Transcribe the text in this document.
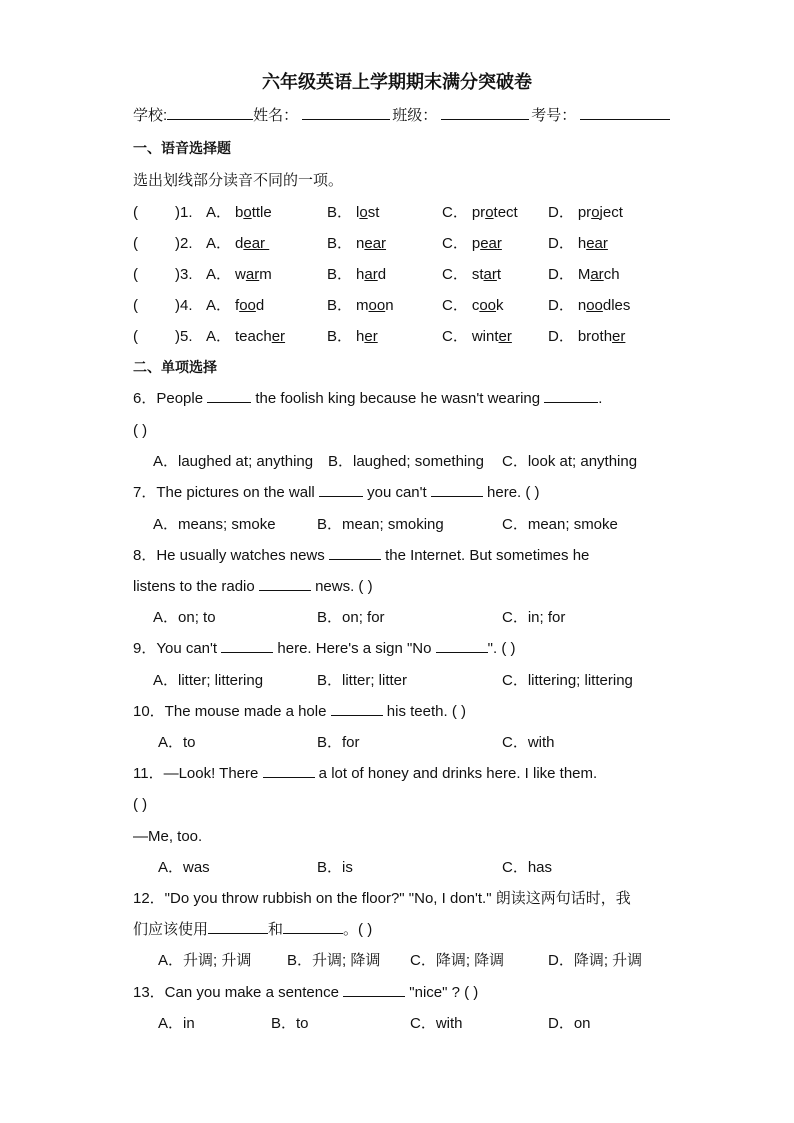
六年级英语上学期期末满分突破卷
学校:	姓名：	班级：	考号：
一、语音选择题
选出划线部分读音不同的一项。
( )1. A． bottle	B． lost	C． protect D． project
( )2. A． dear	B． near	C． pear	D． hear
( )3. A． warm	B． hard	C． start	D． March
( )4. A． food	B． moon	C． cook	D． noodles
( )5. A． teacher	B． her	C． winter D． brother
二、单项选择
6．People	the foolish king because he wasn't wearing	.
( )
A．laughed at; anything B．laughed; something C．look at; anything
7．The pictures on the wall	you can't	here. ( )
A．means; smoke	B．mean; smoking	C．mean; smoke
8．He usually watches news	the Internet. But sometimes he
listens to the radio	news. ( )
A．on; to	B．on; for	C．in; for
9．You can't	here. Here's a sign "No	". ( )
A．litter; littering	B．litter; litter	C．littering; littering
10．The mouse made a hole	his teeth. ( )
A．to	B．for	C．with
11．—Look! There	a lot of honey and drinks here. I like them.
( )
—Me, too.
A．was	B．is	C．has
12．"Do you throw rubbish on the floor?" "No, I don't." 朗读这两句话时，我
们应该使用	和	。( )
A．升调; 升调 B．升调; 降调 C．降调; 降调	D．降调; 升调
13．Can you make a sentence	"nice" ? ( )
A．in	B．to	C．with	D．on
